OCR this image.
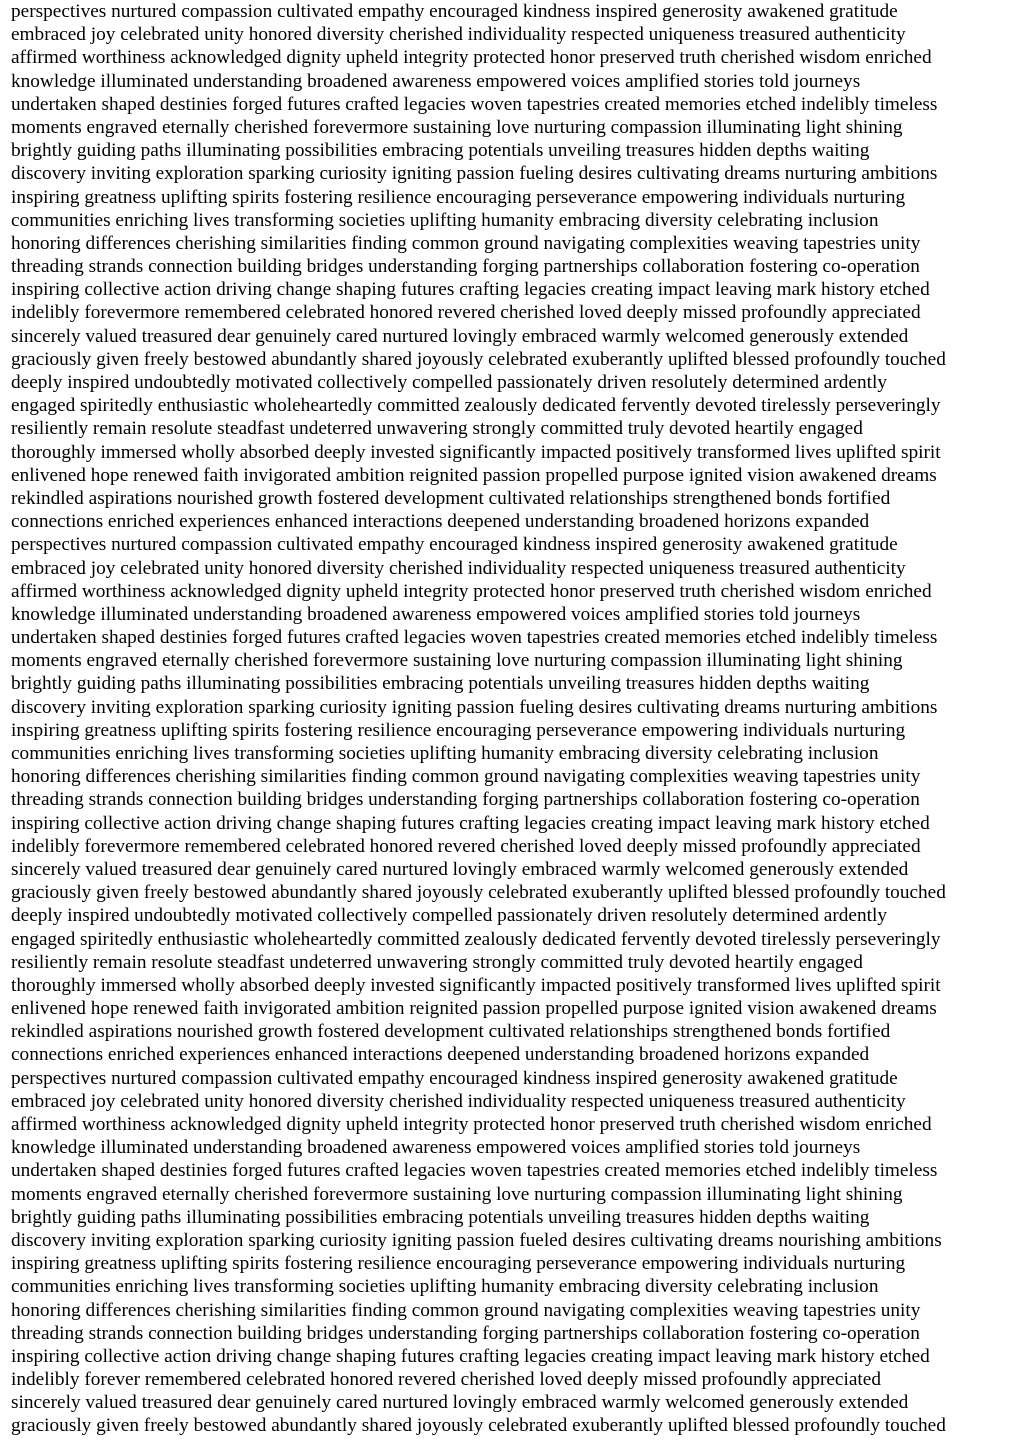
perspectives nurtured compassion cultivated empathy encouraged kindness inspired generosity awakened gratitude
embraced joy celebrated unity honored diversity cherished individuality respected uniqueness treasured authenticity
affirmed worthiness acknowledged dignity upheld integrity protected honor preserved truth cherished wisdom enriched
knowledge illuminated understanding broadened awareness empowered voices amplified stories told journeys
undertaken shaped destinies forged futures crafted legacies woven tapestries created memories etched indelibly timeless
moments engraved eternally cherished forevermore sustaining love nurturing compassion illuminating light shining
brightly guiding paths illuminating possibilities embracing potentials unveiling treasures hidden depths waiting
discovery inviting exploration sparking curiosity igniting passion fueling desires cultivating dreams nurturing ambitions
inspiring greatness uplifting spirits fostering resilience encouraging perseverance empowering individuals nurturing
communities enriching lives transforming societies uplifting humanity embracing diversity celebrating inclusion
honoring differences cherishing similarities finding common ground navigating complexities weaving tapestries unity
threading strands connection building bridges understanding forging partnerships collaboration fostering co-operation
inspiring collective action driving change shaping futures crafting legacies creating impact leaving mark history etched
indelibly forevermore remembered celebrated honored revered cherished loved deeply missed profoundly appreciated
sincerely valued treasured dear genuinely cared nurtured lovingly embraced warmly welcomed generously extended
graciously given freely bestowed abundantly shared joyously celebrated exuberantly uplifted blessed profoundly touched
deeply inspired undoubtedly motivated collectively compelled passionately driven resolutely determined ardently
engaged spiritedly enthusiastic wholeheartedly committed zealously dedicated fervently devoted tirelessly perseveringly
resiliently remain resolute steadfast undeterred unwavering strongly committed truly devoted heartily engaged
thoroughly immersed wholly absorbed deeply invested significantly impacted positively transformed lives uplifted spirit
enlivened hope renewed faith invigorated ambition reignited passion propelled purpose ignited vision awakened dreams
rekindled aspirations nourished growth fostered development cultivated relationships strengthened bonds fortified
connections enriched experiences enhanced interactions deepened understanding broadened horizons expanded
perspectives nurtured compassion cultivated empathy encouraged kindness inspired generosity awakened gratitude
embraced joy celebrated unity honored diversity cherished individuality respected uniqueness treasured authenticity
affirmed worthiness acknowledged dignity upheld integrity protected honor preserved truth cherished wisdom enriched
knowledge illuminated understanding broadened awareness empowered voices amplified stories told journeys
undertaken shaped destinies forged futures crafted legacies woven tapestries created memories etched indelibly timeless
moments engraved eternally cherished forevermore sustaining love nurturing compassion illuminating light shining
brightly guiding paths illuminating possibilities embracing potentials unveiling treasures hidden depths waiting
discovery inviting exploration sparking curiosity igniting passion fueling desires cultivating dreams nurturing ambitions
inspiring greatness uplifting spirits fostering resilience encouraging perseverance empowering individuals nurturing
communities enriching lives transforming societies uplifting humanity embracing diversity celebrating inclusion
honoring differences cherishing similarities finding common ground navigating complexities weaving tapestries unity
threading strands connection building bridges understanding forging partnerships collaboration fostering co-operation
inspiring collective action driving change shaping futures crafting legacies creating impact leaving mark history etched
indelibly forevermore remembered celebrated honored revered cherished loved deeply missed profoundly appreciated
sincerely valued treasured dear genuinely cared nurtured lovingly embraced warmly welcomed generously extended
graciously given freely bestowed abundantly shared joyously celebrated exuberantly uplifted blessed profoundly touched
deeply inspired undoubtedly motivated collectively compelled passionately driven resolutely determined ardently
engaged spiritedly enthusiastic wholeheartedly committed zealously dedicated fervently devoted tirelessly perseveringly
resiliently remain resolute steadfast undeterred unwavering strongly committed truly devoted heartily engaged
thoroughly immersed wholly absorbed deeply invested significantly impacted positively transformed lives uplifted spirit
enlivened hope renewed faith invigorated ambition reignited passion propelled purpose ignited vision awakened dreams
rekindled aspirations nourished growth fostered development cultivated relationships strengthened bonds fortified
connections enriched experiences enhanced interactions deepened understanding broadened horizons expanded
perspectives nurtured compassion cultivated empathy encouraged kindness inspired generosity awakened gratitude
embraced joy celebrated unity honored diversity cherished individuality respected uniqueness treasured authenticity
affirmed worthiness acknowledged dignity upheld integrity protected honor preserved truth cherished wisdom enriched
knowledge illuminated understanding broadened awareness empowered voices amplified stories told journeys
undertaken shaped destinies forged futures crafted legacies woven tapestries created memories etched indelibly timeless
moments engraved eternally cherished forevermore sustaining love nurturing compassion illuminating light shining
brightly guiding paths illuminating possibilities embracing potentials unveiling treasures hidden depths waiting
discovery inviting exploration sparking curiosity igniting passion fueled desires cultivating dreams nourishing ambitions
inspiring greatness uplifting spirits fostering resilience encouraging perseverance empowering individuals nurturing
communities enriching lives transforming societies uplifting humanity embracing diversity celebrating inclusion
honoring differences cherishing similarities finding common ground navigating complexities weaving tapestries unity
threading strands connection building bridges understanding forging partnerships collaboration fostering co-operation
inspiring collective action driving change shaping futures crafting legacies creating impact leaving mark history etched
indelibly forever remembered celebrated honored revered cherished loved deeply missed profoundly appreciated
sincerely valued treasured dear genuinely cared nurtured lovingly embraced warmly welcomed generously extended
graciously given freely bestowed abundantly shared joyously celebrated exuberantly uplifted blessed profoundly touched
